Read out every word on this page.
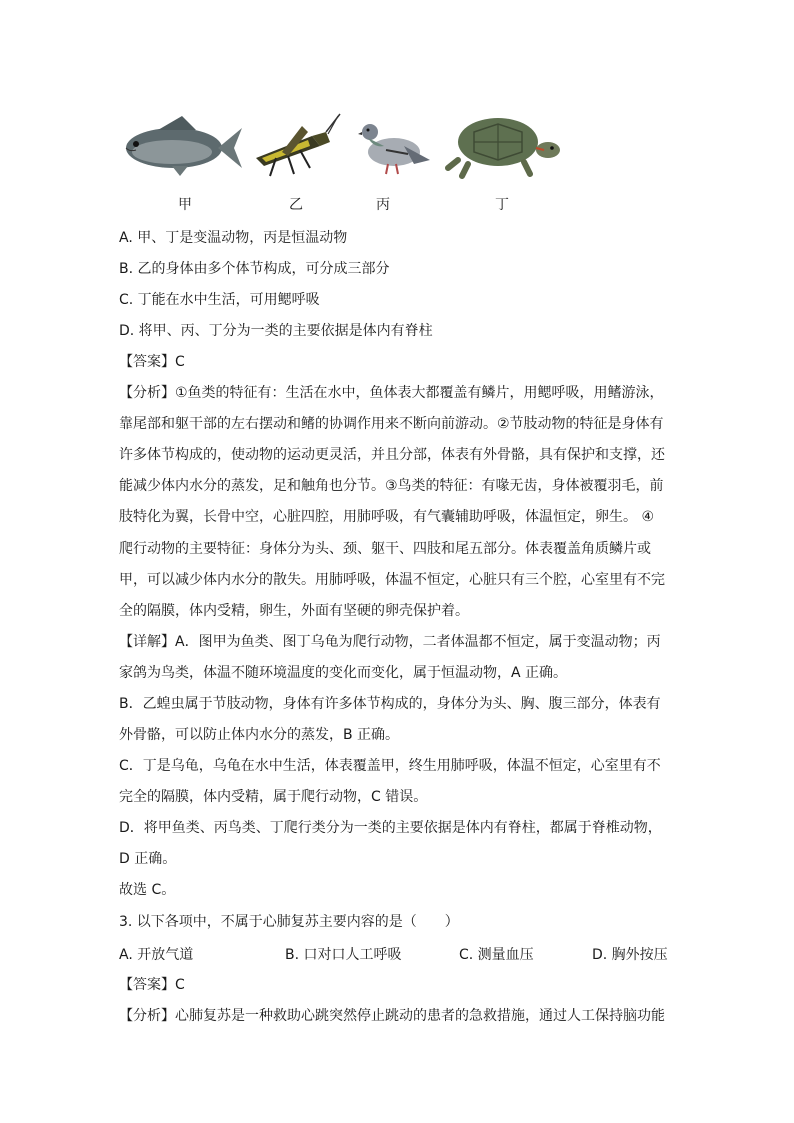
甲	乙	丙	丁
A. 甲、丁是变温动物，丙是恒温动物
B. 乙的身体由多个体节构成，可分成三部分
C. 丁能在水中生活，可用鳃呼吸
D. 将甲、丙、丁分为一类的主要依据是体内有脊柱
【答案】C
【分析】①鱼类的特征有：生活在水中，鱼体表大都覆盖有鳞片，用鳃呼吸，用鳍游泳，
靠尾部和躯干部的左右摆动和鳍的协调作用来不断向前游动。②节肢动物的特征是身体有
许多体节构成的，使动物的运动更灵活，并且分部，体表有外骨骼，具有保护和支撑，还
能减少体内水分的蒸发，足和触角也分节。③鸟类的特征：有喙无齿，身体被覆羽毛，前
肢特化为翼，长骨中空，心脏四腔，用肺呼吸，有气囊辅助呼吸，体温恒定，卵生。 ④
爬行动物的主要特征：身体分为头、颈、躯干、四肢和尾五部分。体表覆盖角质鳞片或
甲，可以减少体内水分的散失。用肺呼吸，体温不恒定，心脏只有三个腔，心室里有不完
全的隔膜，体内受精，卵生，外面有坚硬的卵壳保护着。
【详解】A．图甲为鱼类、图丁乌龟为爬行动物，二者体温都不恒定，属于变温动物；丙
家鸽为鸟类，体温不随环境温度的变化而变化，属于恒温动物，A 正确。
B．乙蝗虫属于节肢动物，身体有许多体节构成的，身体分为头、胸、腹三部分，体表有
外骨骼，可以防止体内水分的蒸发，B 正确。
C．丁是乌龟，乌龟在水中生活，体表覆盖甲，终生用肺呼吸，体温不恒定，心室里有不
完全的隔膜，体内受精，属于爬行动物，C 错误。
D．将甲鱼类、丙鸟类、丁爬行类分为一类的主要依据是体内有脊柱，都属于脊椎动物，
D 正确。
故选 C。
3. 以下各项中，不属于心肺复苏主要内容的是（　　）
A. 开放气道	B. 口对口人工呼吸	C. 测量血压	D. 胸外按压
【答案】C
【分析】心肺复苏是一种救助心跳突然停止跳动的患者的急救措施，通过人工保持脑功能
